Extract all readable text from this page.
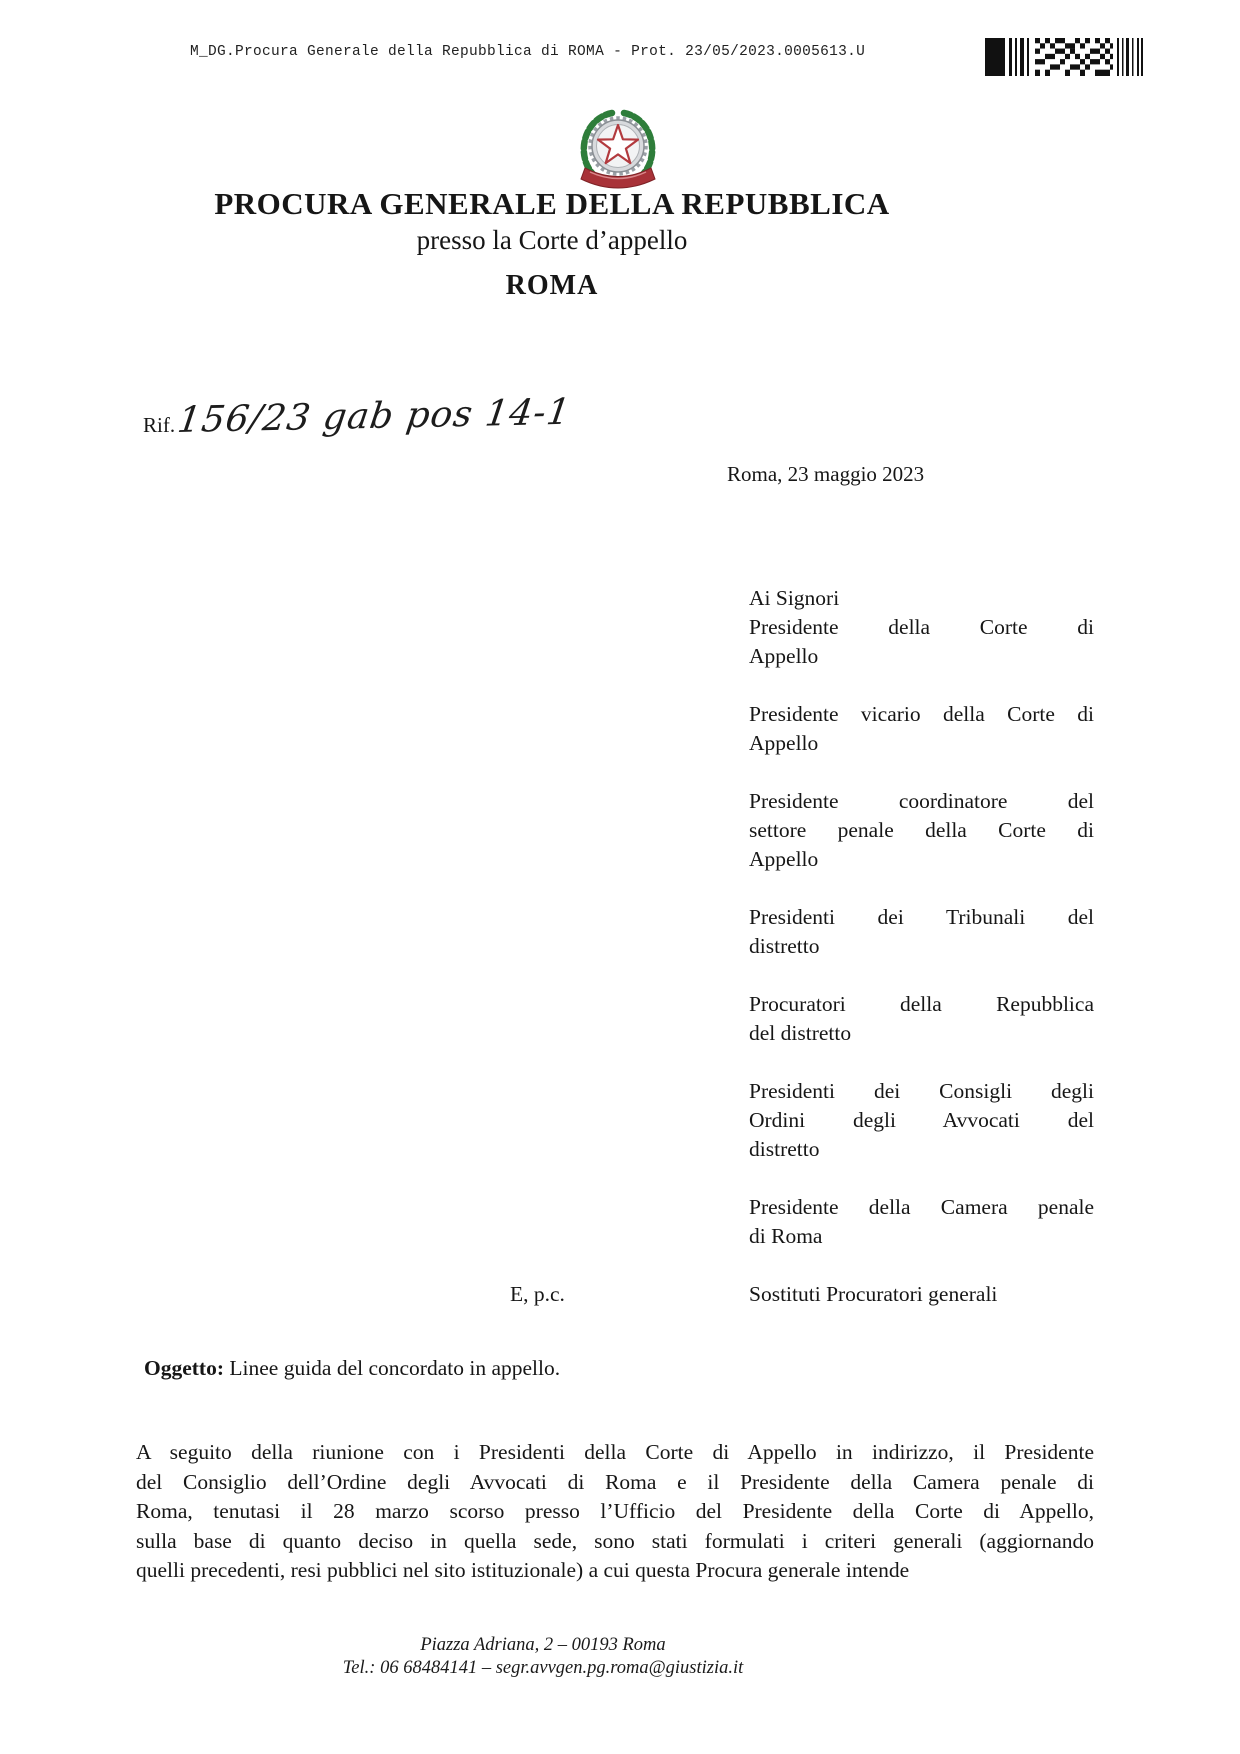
M_DG.Procura Generale della Repubblica di ROMA - Prot. 23/05/2023.0005613.U
PROCURA GENERALE DELLA REPUBBLICA
presso la Corte d’appello
ROMA
Rif.156/23 gab pos 14-1
Roma, 23 maggio 2023
Ai Signori
Presidente della Corte di
Appello
Presidente vicario della Corte di
Appello
Presidente coordinatore del
settore penale della Corte di
Appello
Presidenti dei Tribunali del
distretto
Procuratori della Repubblica
del distretto
Presidenti dei Consigli degli
Ordini degli Avvocati del
distretto
Presidente della Camera penale
di Roma
E, p.c.	Sostituti Procuratori generali
Oggetto: Linee guida del concordato in appello.
A seguito della riunione con i Presidenti della Corte di Appello in indirizzo, il Presidente
del Consiglio dell’Ordine degli Avvocati di Roma e il Presidente della Camera penale di
Roma, tenutasi il 28 marzo scorso presso l’Ufficio del Presidente della Corte di Appello,
sulla base di quanto deciso in quella sede, sono stati formulati i criteri generali (aggiornando
quelli precedenti, resi pubblici nel sito istituzionale) a cui questa Procura generale intende
Piazza Adriana, 2 – 00193 Roma
Tel.: 06 68484141 – segr.avvgen.pg.roma@giustizia.it
